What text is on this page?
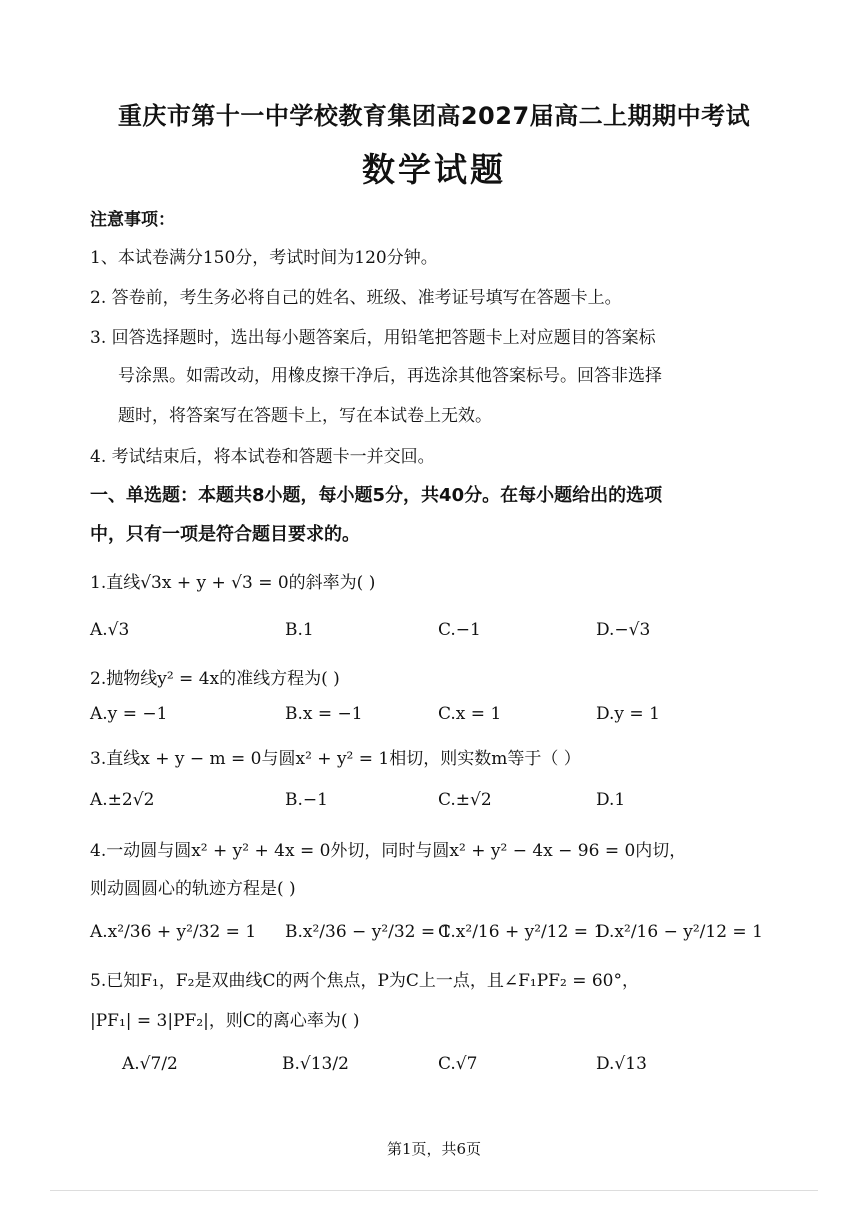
重庆市第十一中学校教育集团高2027届高二上期期中考试
数学试题
注意事项：
1、本试卷满分150分，考试时间为120分钟。
2. 答卷前，考生务必将自己的姓名、班级、准考证号填写在答题卡上。
3. 回答选择题时，选出每小题答案后，用铅笔把答题卡上对应题目的答案标
号涂黑。如需改动，用橡皮擦干净后，再选涂其他答案标号。回答非选择
题时，将答案写在答题卡上，写在本试卷上无效。
4. 考试结束后，将本试卷和答题卡一并交回。
一、单选题：本题共8小题，每小题5分，共40分。在每小题给出的选项
中，只有一项是符合题目要求的。
1.直线√3x + y + √3 = 0的斜率为( )
A.√3	B.1	C.−1	D.−√3
2.抛物线y² = 4x的准线方程为( )
A.y = −1	B.x = −1	C.x = 1	D.y = 1
3.直线x + y − m = 0与圆x² + y² = 1相切，则实数m等于（ ）
A.±2√2	B.−1	C.±√2	D.1
4.一动圆与圆x² + y² + 4x = 0外切，同时与圆x² + y² − 4x − 96 = 0内切，
则动圆圆心的轨迹方程是( )
A.x²/36 + y²/32 = 1 B.x²/36 − y²/32 = 1
C.x²/16 + y²/12 = 1
D.x²/16 − y²/12 = 1
5.已知F₁，F₂是双曲线C的两个焦点，P为C上一点，且∠F₁PF₂ = 60°，
|PF₁| = 3|PF₂|，则C的离心率为( )
A.√7/2	B.√13/2	C.√7	D.√13
第1页，共6页
